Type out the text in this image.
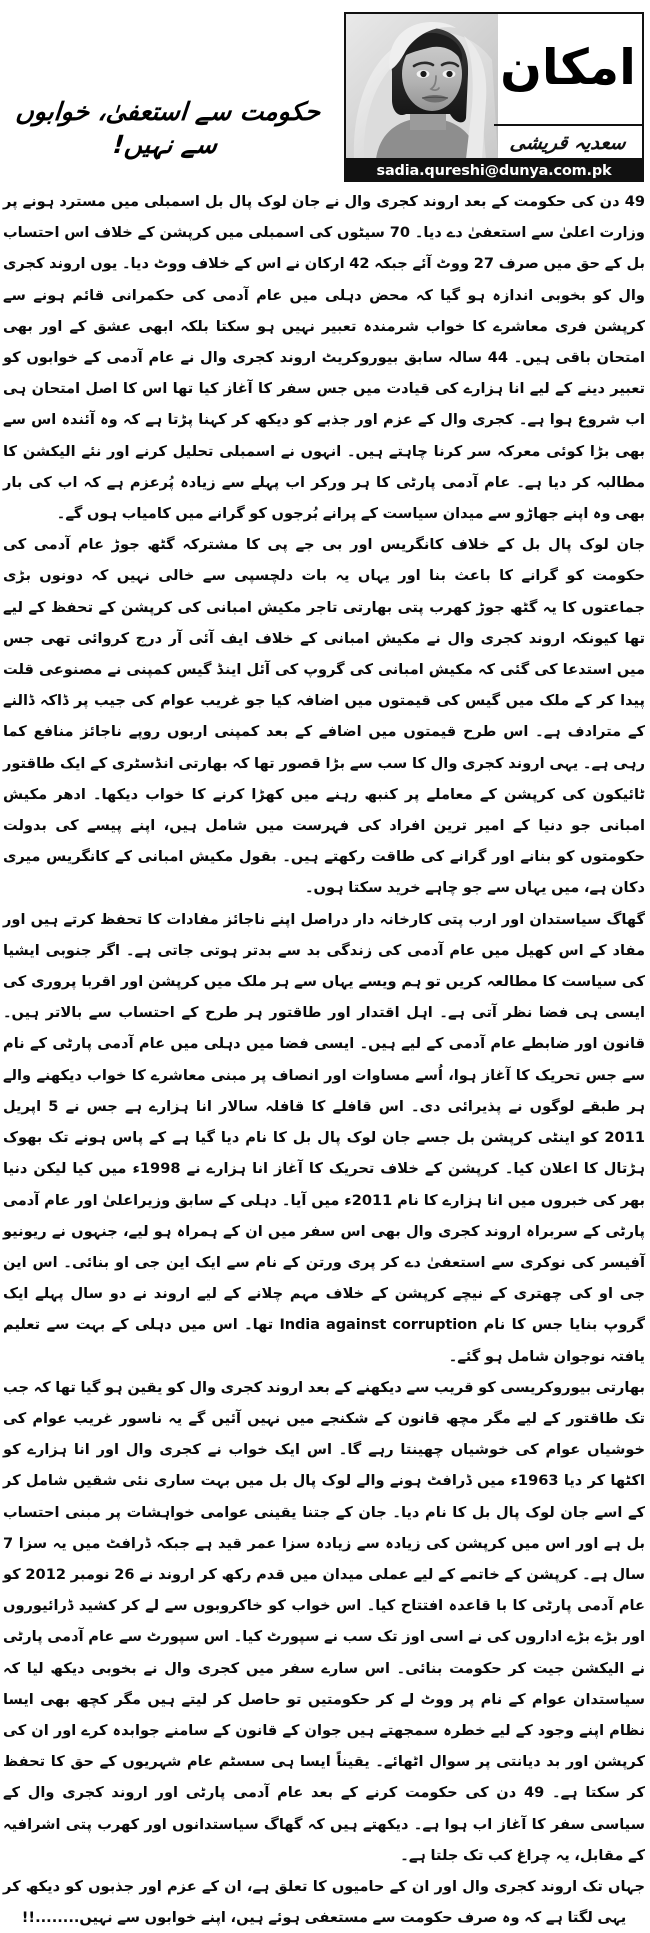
امکان
سعدیہ قریشی
sadia.qureshi@dunya.com.pk
حکومت سے استعفیٰ، خوابوں سے نہیں!

49 دن کی حکومت کے بعد اروند کجری وال نے جان لوک پال بل اسمبلی میں مسترد ہونے پر وزارت اعلیٰ سے استعفیٰ دے دیا۔ 70 سیٹوں کی اسمبلی میں کرپشن کے خلاف اس احتساب بل کے حق میں صرف 27 ووٹ آئے جبکہ 42 ارکان نے اس کے خلاف ووٹ دیا۔ یوں اروند کجری وال کو بخوبی اندازہ ہو گیا کہ محض دہلی میں عام آدمی کی حکمرانی قائم ہونے سے کرپشن فری معاشرے کا خواب شرمندہ تعبیر نہیں ہو سکتا بلکہ ابھی عشق کے اور بھی امتحان باقی ہیں۔ 44 سالہ سابق بیوروکریٹ اروند کجری وال نے عام آدمی کے خوابوں کو تعبیر دینے کے لیے انا ہزارے کی قیادت میں جس سفر کا آغاز کیا تھا اس کا اصل امتحان ہی اب شروع ہوا ہے۔ کجری وال کے عزم اور جذبے کو دیکھ کر کہنا پڑتا ہے کہ وہ آئندہ اس سے بھی بڑا کوئی معرکہ سر کرنا چاہتے ہیں۔ انہوں نے اسمبلی تحلیل کرنے اور نئے الیکشن کا مطالبہ کر دیا ہے۔ عام آدمی پارٹی کا ہر ورکر اب پہلے سے زیادہ پُرعزم ہے کہ اب کی بار بھی وہ اپنے جھاڑو سے میدان سیاست کے پرانے بُرجوں کو گرانے میں کامیاب ہوں گے۔

جان لوک پال بل کے خلاف کانگریس اور بی جے پی کا مشترکہ گٹھ جوڑ عام آدمی کی حکومت کو گرانے کا باعث بنا اور یہاں یہ بات دلچسپی سے خالی نہیں کہ دونوں بڑی جماعتوں کا یہ گٹھ جوڑ کھرب پتی بھارتی تاجر مکیش امبانی کی کرپشن کے تحفظ کے لیے تھا کیونکہ اروند کجری وال نے مکیش امبانی کے خلاف ایف آئی آر درج کروائی تھی جس میں استدعا کی گئی کہ مکیش امبانی کی گروپ کی آئل اینڈ گیس کمپنی نے مصنوعی قلت پیدا کر کے ملک میں گیس کی قیمتوں میں اضافہ کیا جو غریب عوام کی جیب پر ڈاکہ ڈالنے کے مترادف ہے۔ اس طرح قیمتوں میں اضافے کے بعد کمپنی اربوں روپے ناجائز منافع کما رہی ہے۔ یہی اروند کجری وال کا سب سے بڑا قصور تھا کہ بھارتی انڈسٹری کے ایک طاقتور ٹائیکون کی کرپشن کے معاملے پر کنبھ رہنے میں کھڑا کرنے کا خواب دیکھا۔ ادھر مکیش امبانی جو دنیا کے امیر ترین افراد کی فہرست میں شامل ہیں، اپنے پیسے کی بدولت حکومتوں کو بنانے اور گرانے کی طاقت رکھتے ہیں۔ بقول مکیش امبانی کے کانگریس میری دکان ہے، میں یہاں سے جو چاہے خرید سکتا ہوں۔

گھاگ سیاستدان اور ارب پتی کارخانہ دار دراصل اپنے ناجائز مفادات کا تحفظ کرتے ہیں اور مفاد کے اس کھیل میں عام آدمی کی زندگی بد سے بدتر ہوتی جاتی ہے۔ اگر جنوبی ایشیا کی سیاست کا مطالعہ کریں تو ہم ویسے یہاں سے ہر ملک میں کرپشن اور اقربا پروری کی ایسی ہی فضا نظر آتی ہے۔ اہل اقتدار اور طاقتور ہر طرح کے احتساب سے بالاتر ہیں۔ قانون اور ضابطے عام آدمی کے لیے ہیں۔ ایسی فضا میں دہلی میں عام آدمی پارٹی کے نام سے جس تحریک کا آغاز ہوا، اُسے مساوات اور انصاف پر مبنی معاشرے کا خواب دیکھنے والے ہر طبقے لوگوں نے پذیرائی دی۔ اس قافلے کا قافلہ سالار انا ہزارے ہے جس نے 5 اپریل 2011 کو اینٹی کرپشن بل جسے جان لوک پال بل کا نام دیا گیا ہے کے پاس ہونے تک بھوک ہڑتال کا اعلان کیا۔ کرپشن کے خلاف تحریک کا آغاز انا ہزارے نے 1998ء میں کیا لیکن دنیا بھر کی خبروں میں انا ہزارے کا نام 2011ء میں آیا۔ دہلی کے سابق وزیراعلیٰ اور عام آدمی پارٹی کے سربراہ اروند کجری وال بھی اس سفر میں ان کے ہمراہ ہو لیے، جنہوں نے ریونیو آفیسر کی نوکری سے استعفیٰ دے کر پری ورتن کے نام سے ایک این جی او بنائی۔ اس این جی او کی چھتری کے نیچے کرپشن کے خلاف مہم چلانے کے لیے اروند نے دو سال پہلے ایک گروپ بنایا جس کا نام India against corruption تھا۔ اس میں دہلی کے بہت سے تعلیم یافتہ نوجوان شامل ہو گئے۔

بھارتی بیوروکریسی کو قریب سے دیکھنے کے بعد اروند کجری وال کو یقین ہو گیا تھا کہ جب تک طاقتور کے لیے مگر مچھ قانون کے شکنجے میں نہیں آئیں گے یہ ناسور غریب عوام کی خوشیاں عوام کی خوشیاں چھینتا رہے گا۔ اس ایک خواب نے کجری وال اور انا ہزارے کو اکٹھا کر دیا 1963ء میں ڈرافٹ ہونے والے لوک پال بل میں بہت ساری نئی شقیں شامل کر کے اسے جان لوک پال بل کا نام دیا۔ جان کے جتنا یقینی عوامی خواہشات پر مبنی احتساب بل ہے اور اس میں کرپشن کی زیادہ سے زیادہ سزا عمر قید ہے جبکہ ڈرافٹ میں یہ سزا 7 سال ہے۔ کرپشن کے خاتمے کے لیے عملی میدان میں قدم رکھ کر اروند نے 26 نومبر 2012 کو عام آدمی پارٹی کا با قاعدہ افتتاح کیا۔ اس خواب کو خاکروبوں سے لے کر کشید ڈرائیوروں اور بڑے بڑے اداروں کی نے اسی اوز تک سب نے سپورٹ کیا۔ اس سپورٹ سے عام آدمی پارٹی نے الیکشن جیت کر حکومت بنائی۔ اس سارے سفر میں کجری وال نے بخوبی دیکھ لیا کہ سیاستدان عوام کے نام پر ووٹ لے کر حکومتیں تو حاصل کر لیتے ہیں مگر کچھ بھی ایسا نظام اپنے وجود کے لیے خطرہ سمجھتے ہیں جوان کے قانون کے سامنے جوابدہ کرے اور ان کی کرپشن اور بد دیانتی پر سوال اٹھائے۔ یقیناً ایسا ہی سسٹم عام شہریوں کے حق کا تحفظ کر سکتا ہے۔ 49 دن کی حکومت کرنے کے بعد عام آدمی پارٹی اور اروند کجری وال کے سیاسی سفر کا آغاز اب ہوا ہے۔ دیکھتے ہیں کہ گھاگ سیاستدانوں اور کھرب پتی اشرافیہ کے مقابل، یہ چراغ کب تک جلتا ہے۔

جہاں تک اروند کجری وال اور ان کے حامیوں کا تعلق ہے، ان کے عزم اور جذبوں کو دیکھ کر یہی لگتا ہے کہ وہ صرف حکومت سے مستعفی ہوئے ہیں، اپنے خوابوں سے نہیں........!!
